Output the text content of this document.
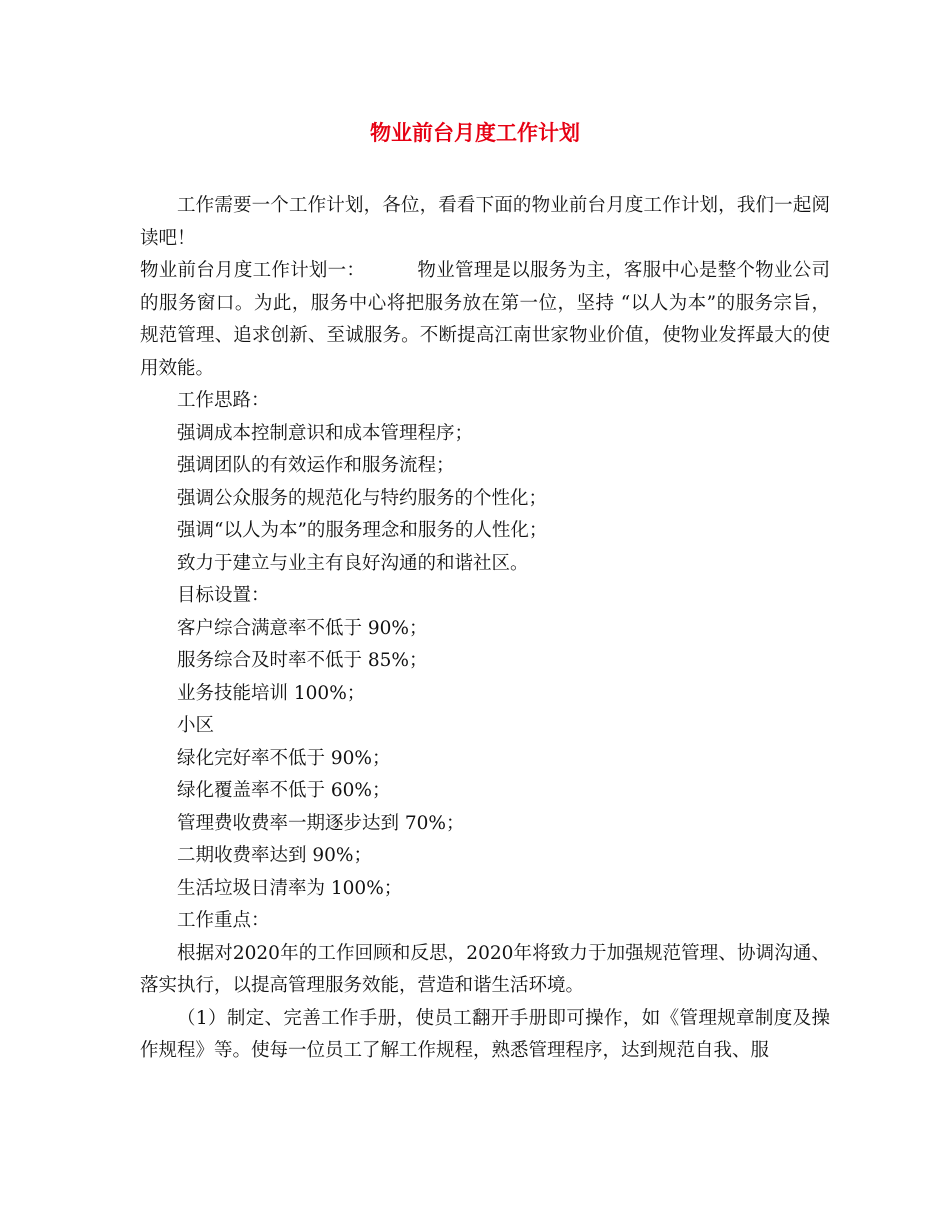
物业前台月度工作计划

工作需要一个工作计划，各位，看看下面的物业前台月度工作计划，我们一起阅读吧！

物业前台月度工作计划一：	物业管理是以服务为主，客服中心是整个物业公司的服务窗口。为此，服务中心将把服务放在第一位，坚持 “以人为本”的服务宗旨，规范管理、追求创新、至诚服务。不断提高江南世家物业价值，使物业发挥最大的使用效能。

工作思路：

强调成本控制意识和成本管理程序；

强调团队的有效运作和服务流程；

强调公众服务的规范化与特约服务的个性化；

强调“以人为本”的服务理念和服务的人性化；

致力于建立与业主有良好沟通的和谐社区。

目标设置：

客户综合满意率不低于 90%；

服务综合及时率不低于 85%；

业务技能培训 100%；

小区

绿化完好率不低于 90%；

绿化覆盖率不低于 60%；

管理费收费率一期逐步达到 70%；

二期收费率达到 90%；

生活垃圾日清率为 100%；

工作重点：

根据对2020年的工作回顾和反思，2020年将致力于加强规范管理、协调沟通、落实执行，以提高管理服务效能，营造和谐生活环境。

（1）制定、完善工作手册，使员工翻开手册即可操作，如《管理规章制度及操作规程》等。使每一位员工了解工作规程，熟悉管理程序，达到规范自我、服
